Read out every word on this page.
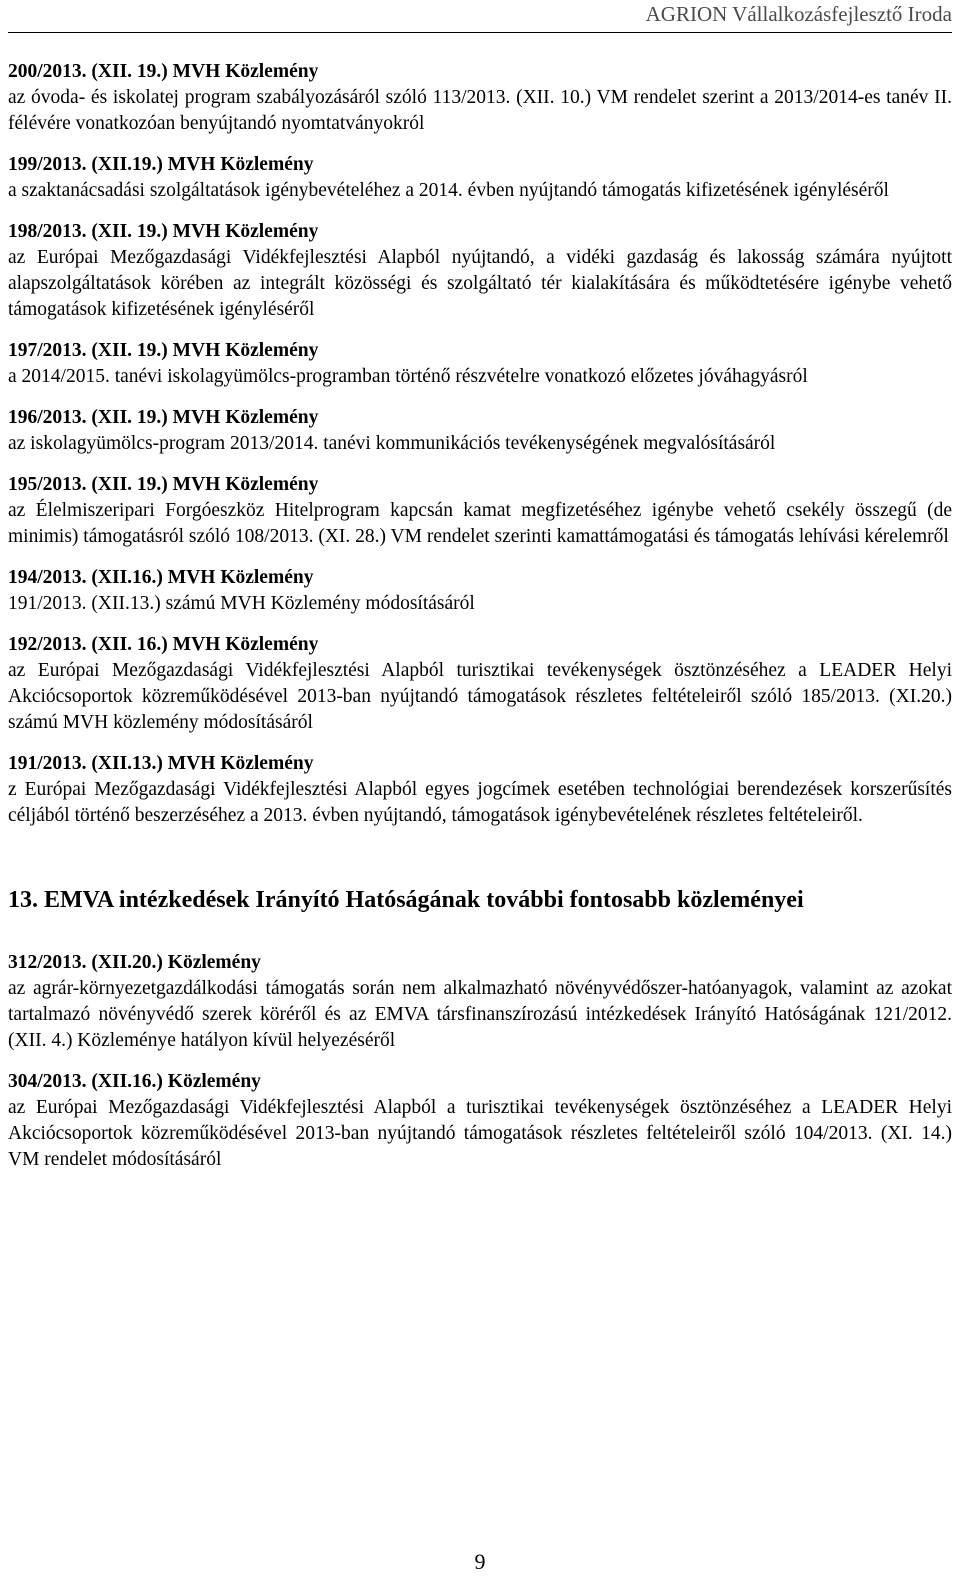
AGRION Vállalkozásfejlesztő Iroda
200/2013. (XII. 19.) MVH Közlemény
az óvoda- és iskolatej program szabályozásáról szóló 113/2013. (XII. 10.) VM rendelet szerint a 2013/2014-es tanév II. félévére vonatkozóan benyújtandó nyomtatványokról
199/2013. (XII.19.) MVH Közlemény
a szaktanácsadási szolgáltatások igénybevételéhez a 2014. évben nyújtandó támogatás kifizetésének igényléséről
198/2013. (XII. 19.) MVH Közlemény
az Európai Mezőgazdasági Vidékfejlesztési Alapból nyújtandó, a vidéki gazdaság és lakosság számára nyújtott alapszolgáltatások körében az integrált közösségi és szolgáltató tér kialakítására és működtetésére igénybe vehető támogatások kifizetésének igényléséről
197/2013. (XII. 19.) MVH Közlemény
a 2014/2015. tanévi iskolagyümölcs-programban történő részvételre vonatkozó előzetes jóváhagyásról
196/2013. (XII. 19.) MVH Közlemény
az iskolagyümölcs-program 2013/2014. tanévi kommunikációs tevékenységének megvalósításáról
195/2013. (XII. 19.) MVH Közlemény
az Élelmiszeripari Forgóeszköz Hitelprogram kapcsán kamat megfizetéséhez igénybe vehető csekély összegű (de minimis) támogatásról szóló 108/2013. (XI. 28.) VM rendelet szerinti kamattámogatási és támogatás lehívási kérelemről
194/2013. (XII.16.) MVH Közlemény
191/2013. (XII.13.) számú MVH Közlemény módosításáról
192/2013. (XII. 16.) MVH Közlemény
az Európai Mezőgazdasági Vidékfejlesztési Alapból turisztikai tevékenységek ösztönzéséhez a LEADER Helyi Akciócsoportok közreműködésével 2013-ban nyújtandó támogatások részletes feltételeiről szóló 185/2013. (XI.20.) számú MVH közlemény módosításáról
191/2013. (XII.13.) MVH Közlemény
z Európai Mezőgazdasági Vidékfejlesztési Alapból egyes jogcímek esetében technológiai berendezések korszerűsítés céljából történő beszerzéséhez a 2013. évben nyújtandó, támogatások igénybevételének részletes feltételeiről.
13. EMVA intézkedések Irányító Hatóságának további fontosabb közleményei
312/2013. (XII.20.) Közlemény
az agrár-környezetgazdálkodási támogatás során nem alkalmazható növényvédőszer-hatóanyagok, valamint az azokat tartalmazó növényvédő szerek köréről és az EMVA társfinanszírozású intézkedések Irányító Hatóságának 121/2012. (XII. 4.) Közleménye hatályon kívül helyezéséről
304/2013. (XII.16.) Közlemény
az Európai Mezőgazdasági Vidékfejlesztési Alapból a turisztikai tevékenységek ösztönzéséhez a LEADER Helyi Akciócsoportok közreműködésével 2013-ban nyújtandó támogatások részletes feltételeiről szóló 104/2013. (XI. 14.) VM rendelet módosításáról
9
